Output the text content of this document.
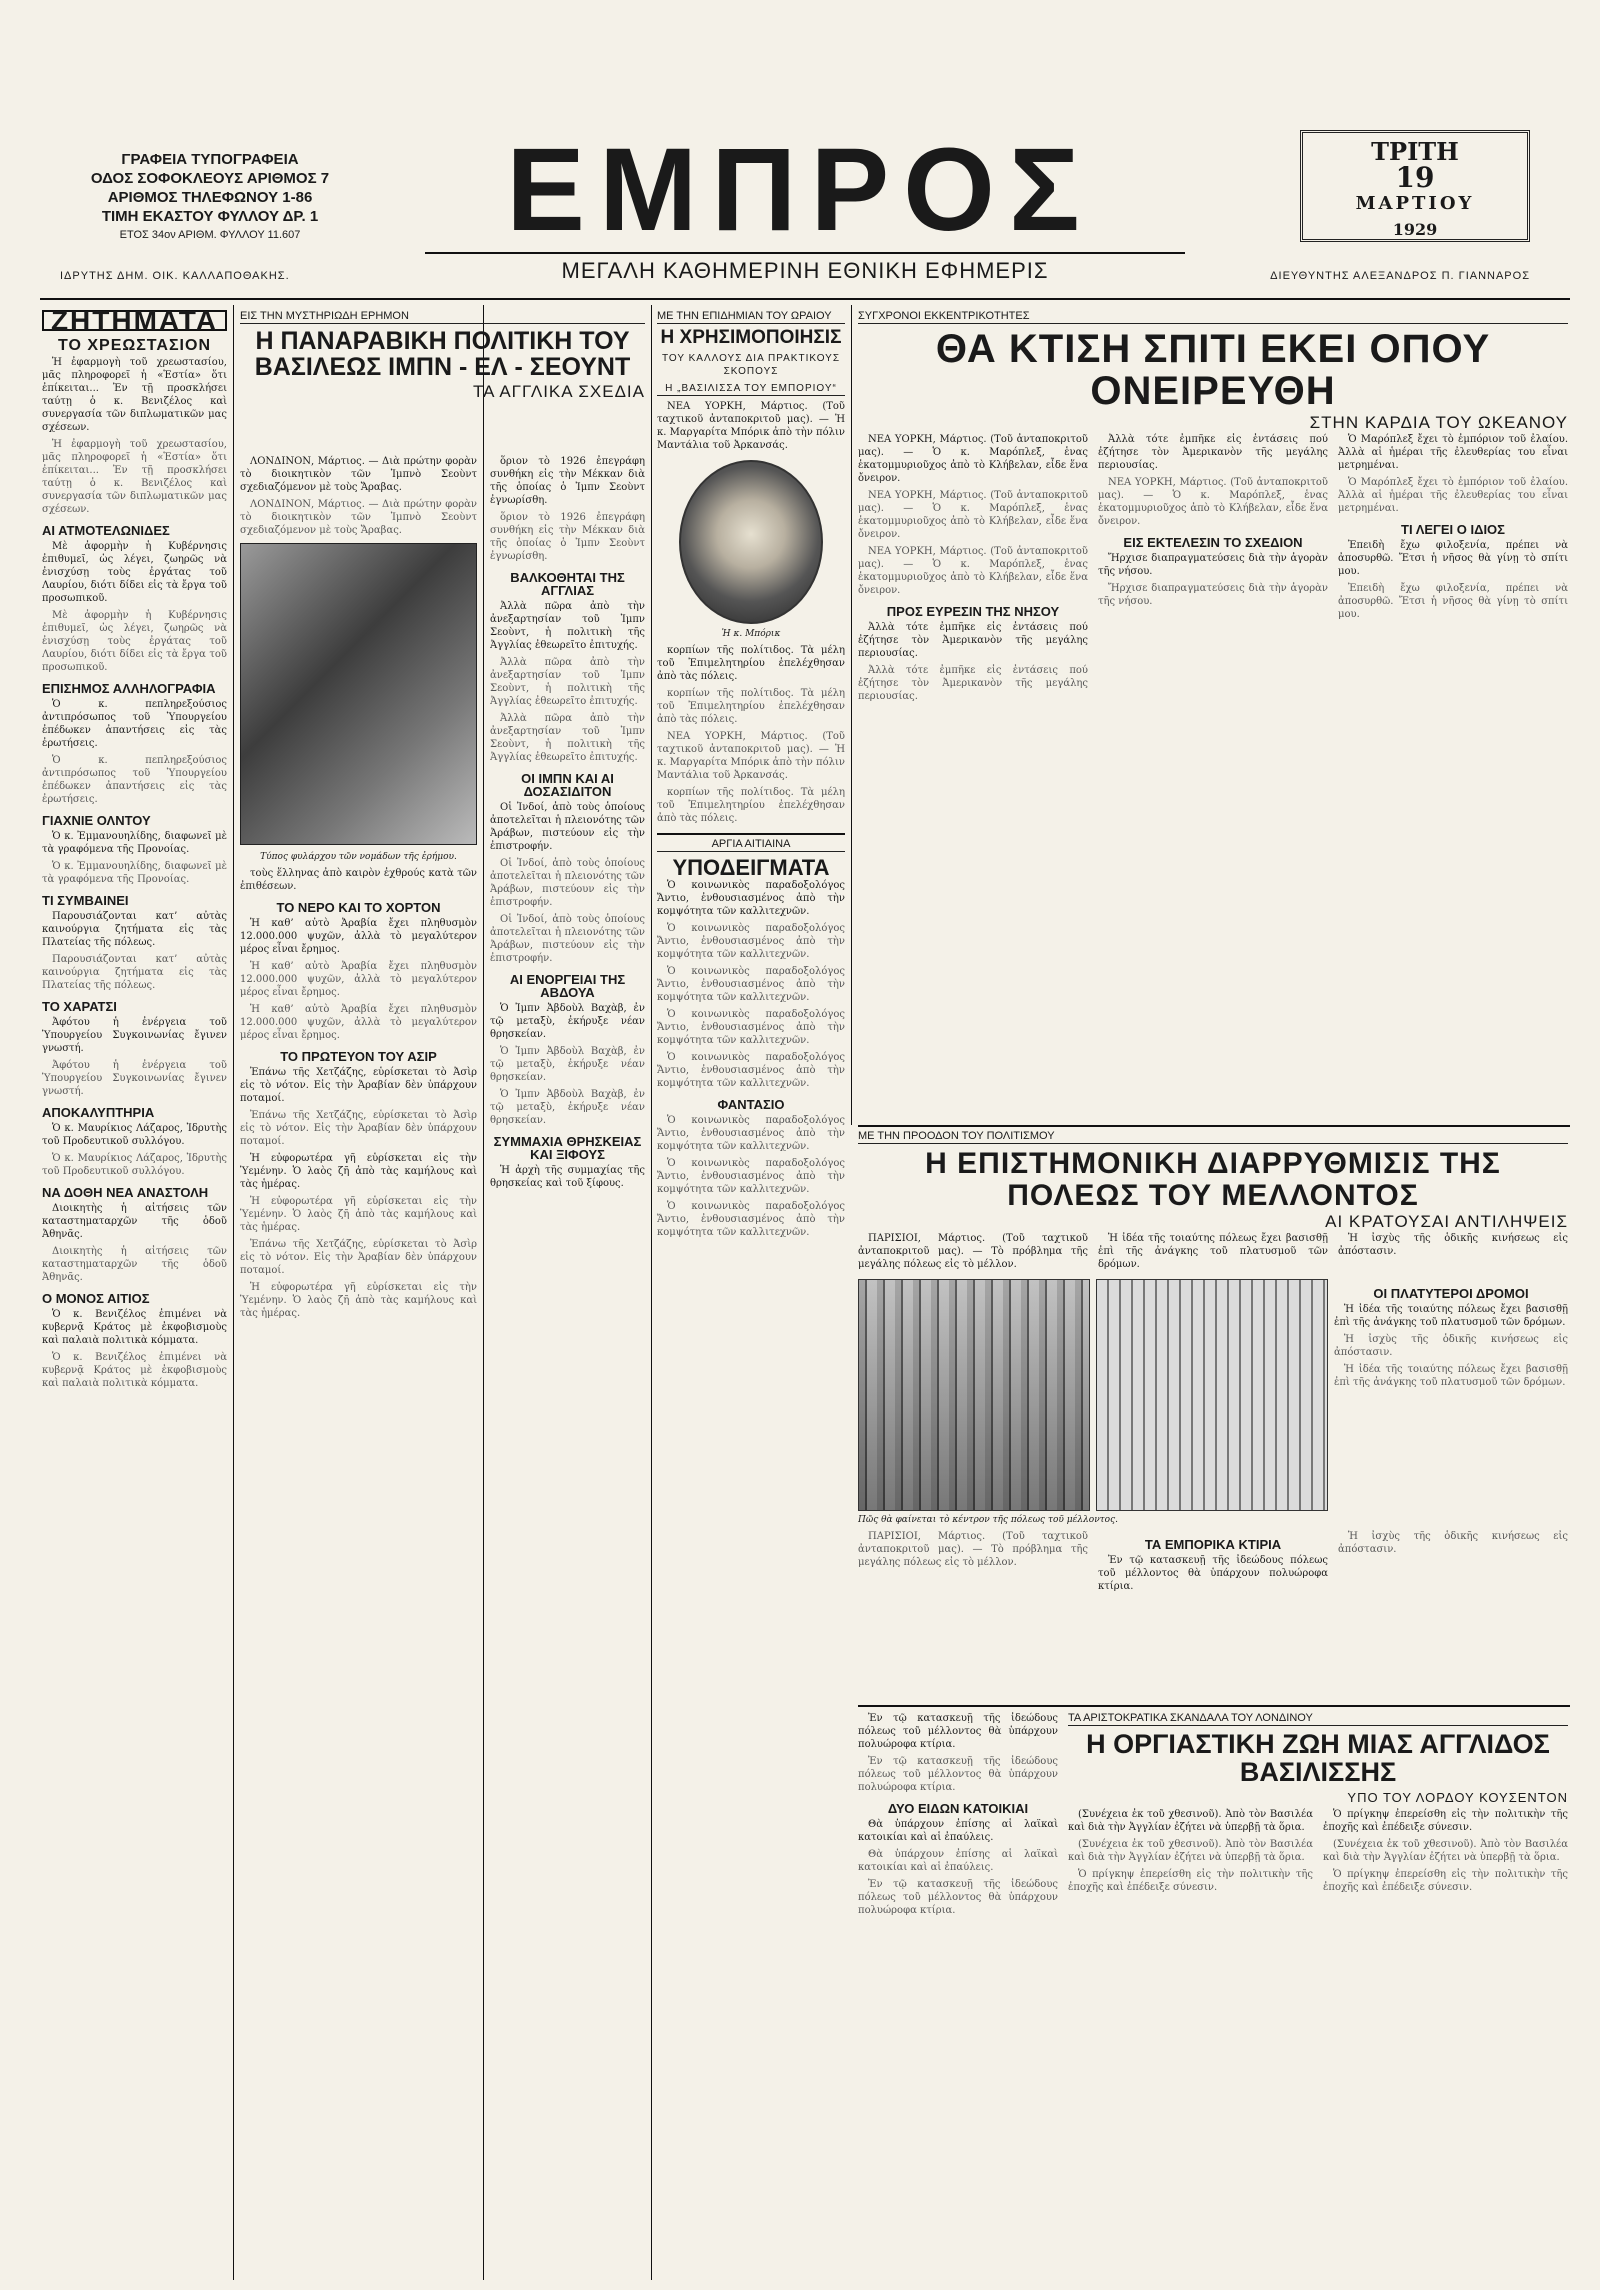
ΓΡΑΦΕΙΑ ΤΥΠΟΓΡΑΦΕΙΑ
ΟΔΟΣ ΣΟΦΟΚΛΕΟΥΣ ΑΡΙΘΜΟΣ 7
ΑΡΙΘΜΟΣ ΤΗΛΕΦΩΝΟΥ 1-86
ΤΙΜΗ ΕΚΑΣΤΟΥ ΦΥΛΛΟΥ ΔΡ. 1
ΕΤΟΣ 34ον ΑΡΙΘΜ. ΦΥΛΛΟΥ 11.607
ΙΔΡΥΤΗΣ ΔΗΜ. ΟΙΚ. ΚΑΛΛΑΠΟΘΑΚΗΣ.
ΕΜΠΡΟΣ
ΜΕΓΑΛΗ ΚΑΘΗΜΕΡΙΝΗ ΕΘΝΙΚΗ ΕΦΗΜΕΡΙΣ
ΤΡΙΤΗ
19
ΜΑΡΤΙΟΥ
1929
ΔΙΕΥΘΥΝΤΗΣ ΑΛΕΞΑΝΔΡΟΣ Π. ΓΙΑΝΝΑΡΟΣ
ΖΗΤΗΜΑΤΑ
ΤΟ ΧΡΕΩΣΤΑΣΙΟΝ

Ἡ ἐφαρμογὴ τοῦ χρεωστασίου, μᾶς πληροφορεῖ ἡ «Ἑστία» ὅτι ἐπίκειται... Ἐν τῇ προσκλήσει ταύτῃ ὁ κ. Βενιζέλος καὶ συνεργασία τῶν διπλωματικῶν μας σχέσεων.

Ἡ ἐφαρμογὴ τοῦ χρεωστασίου, μᾶς πληροφορεῖ ἡ «Ἑστία» ὅτι ἐπίκειται... Ἐν τῇ προσκλήσει ταύτῃ ὁ κ. Βενιζέλος καὶ συνεργασία τῶν διπλωματικῶν μας σχέσεων.

ΑΙ ΑΤΜΟΤΕΛΩΝΙΔΕΣ

Μὲ ἀφορμὴν ἡ Κυβέρνησις ἐπιθυμεῖ, ὡς λέγει, ζωηρῶς νὰ ἐνισχύσῃ τοὺς ἐργάτας τοῦ Λαυρίου, διότι δίδει εἰς τὰ ἔργα τοῦ προσωπικοῦ.

Μὲ ἀφορμὴν ἡ Κυβέρνησις ἐπιθυμεῖ, ὡς λέγει, ζωηρῶς νὰ ἐνισχύσῃ τοὺς ἐργάτας τοῦ Λαυρίου, διότι δίδει εἰς τὰ ἔργα τοῦ προσωπικοῦ.

ΕΠΙΣΗΜΟΣ ΑΛΛΗΛΟΓΡΑΦΙΑ

Ὁ κ. πεπληρεξούσιος ἀντιπρόσωπος τοῦ Ὑπουργείου ἐπέδωκεν ἀπαντήσεις εἰς τὰς ἐρωτήσεις.

Ὁ κ. πεπληρεξούσιος ἀντιπρόσωπος τοῦ Ὑπουργείου ἐπέδωκεν ἀπαντήσεις εἰς τὰς ἐρωτήσεις.

ΓΙΑΧΝΙΕ ΟΛΝΤΟΥ

Ὁ κ. Ἐμμανουηλίδης, διαφωνεῖ μὲ τὰ γραφόμενα τῆς Προνοίας.

Ὁ κ. Ἐμμανουηλίδης, διαφωνεῖ μὲ τὰ γραφόμενα τῆς Προνοίας.

ΤΙ ΣΥΜΒΑΙΝΕΙ

Παρουσιάζονται κατ’ αὐτὰς καινούργια ζητήματα εἰς τὰς Πλατείας τῆς πόλεως.

Παρουσιάζονται κατ’ αὐτὰς καινούργια ζητήματα εἰς τὰς Πλατείας τῆς πόλεως.

ΤΟ ΧΑΡΑΤΣΙ

Ἀφότου ἡ ἐνέργεια τοῦ Ὑπουργείου Συγκοινωνίας ἔγινεν γνωστή.

Ἀφότου ἡ ἐνέργεια τοῦ Ὑπουργείου Συγκοινωνίας ἔγινεν γνωστή.

ΑΠΟΚΑΛΥΠΤΗΡΙΑ

Ὁ κ. Μαυρίκιος Λάζαρος, Ἰδρυτὴς τοῦ Προδευτικοῦ συλλόγου.

Ὁ κ. Μαυρίκιος Λάζαρος, Ἰδρυτὴς τοῦ Προδευτικοῦ συλλόγου.

ΝΑ ΔΟΘΗ ΝΕΑ ΑΝΑΣΤΟΛΗ

Διοικητὴς ἡ αἰτήσεις τῶν καταστηματαρχῶν τῆς ὁδοῦ Ἀθηνᾶς.

Διοικητὴς ἡ αἰτήσεις τῶν καταστηματαρχῶν τῆς ὁδοῦ Ἀθηνᾶς.

Ο ΜΟΝΟΣ ΑΙΤΙΟΣ

Ὁ κ. Βενιζέλος ἐπιμένει νὰ κυβερνᾷ Κράτος μὲ ἐκφοβισμοὺς καὶ παλαιὰ πολιτικὰ κόμματα.

Ὁ κ. Βενιζέλος ἐπιμένει νὰ κυβερνᾷ Κράτος μὲ ἐκφοβισμοὺς καὶ παλαιὰ πολιτικὰ κόμματα.

ΕΙΣ ΤΗΝ ΜΥΣΤΗΡΙΩΔΗ ΕΡΗΜΟΝ
Η ΠΑΝΑΡΑΒΙΚΗ ΠΟΛΙΤΙΚΗ ΤΟΥ ΒΑΣΙΛΕΩΣ ΙΜΠΝ - ΕΛ - ΣΕΟΥΝΤ
ΤΑ ΑΓΓΛΙΚΑ ΣΧΕΔΙΑ

ΛΟΝΔΙΝΟΝ, Μάρτιος. — Διὰ πρώτην φορὰν τὸ διοικητικὸν τῶν Ἰμπνὸ Σεοὺντ σχεδιαζόμενον μὲ τοὺς Ἄραβας.

ΛΟΝΔΙΝΟΝ, Μάρτιος. — Διὰ πρώτην φορὰν τὸ διοικητικὸν τῶν Ἰμπνὸ Σεοὺντ σχεδιαζόμενον μὲ τοὺς Ἄραβας.

Τύπος φυλάρχου τῶν νομάδων τῆς ἐρήμου.

τοὺς ἕλληνας ἀπὸ καιρὸν ἐχθρούς κατὰ τῶν ἐπιθέσεων.

ΤΟ ΝΕΡΟ ΚΑΙ ΤΟ ΧΟΡΤΟΝ

Ἡ καθ’ αὐτὸ Ἀραβία ἔχει πληθυσμὸν 12.000.000 ψυχῶν, ἀλλὰ τὸ μεγαλύτερον μέρος εἶναι ἔρημος.

Ἡ καθ’ αὐτὸ Ἀραβία ἔχει πληθυσμὸν 12.000.000 ψυχῶν, ἀλλὰ τὸ μεγαλύτερον μέρος εἶναι ἔρημος.

Ἡ καθ’ αὐτὸ Ἀραβία ἔχει πληθυσμὸν 12.000.000 ψυχῶν, ἀλλὰ τὸ μεγαλύτερον μέρος εἶναι ἔρημος.

ΤΟ ΠΡΩΤΕΥΟΝ ΤΟΥ ΑΣΙΡ

Ἐπάνω τῆς Χετζάζης, εὑρίσκεται τὸ Ἀσὶρ εἰς τὸ νότον. Εἰς τὴν Ἀραβίαν δὲν ὑπάρχουν ποταμοί.

Ἐπάνω τῆς Χετζάζης, εὑρίσκεται τὸ Ἀσὶρ εἰς τὸ νότον. Εἰς τὴν Ἀραβίαν δὲν ὑπάρχουν ποταμοί.

Ἡ εὐφορωτέρα γῆ εὑρίσκεται εἰς τὴν Ὑεμένην. Ὁ λαὸς ζῆ ἀπὸ τὰς καμήλους καὶ τὰς ἡμέρας.

Ἡ εὐφορωτέρα γῆ εὑρίσκεται εἰς τὴν Ὑεμένην. Ὁ λαὸς ζῆ ἀπὸ τὰς καμήλους καὶ τὰς ἡμέρας.

Ἐπάνω τῆς Χετζάζης, εὑρίσκεται τὸ Ἀσὶρ εἰς τὸ νότον. Εἰς τὴν Ἀραβίαν δὲν ὑπάρχουν ποταμοί.

Ἡ εὐφορωτέρα γῆ εὑρίσκεται εἰς τὴν Ὑεμένην. Ὁ λαὸς ζῆ ἀπὸ τὰς καμήλους καὶ τὰς ἡμέρας.

ὅριον τὸ 1926 ἐπεγράφη συνθήκη εἰς τὴν Μέκκαν διὰ τῆς ὁποίας ὁ Ἰμπν Σεοὺντ ἐγνωρίσθη.

ὅριον τὸ 1926 ἐπεγράφη συνθήκη εἰς τὴν Μέκκαν διὰ τῆς ὁποίας ὁ Ἰμπν Σεοὺντ ἐγνωρίσθη.

ΒΑΛΚΟΘΗΤΑΙ ΤΗΣ ΑΓΓΛΙΑΣ

Ἀλλὰ πῶρα ἀπὸ τὴν ἀνεξαρτησίαν τοῦ Ἰμπν Σεοὺντ, ἡ πολιτικὴ τῆς Ἀγγλίας ἐθεωρεῖτο ἐπιτυχής.

Ἀλλὰ πῶρα ἀπὸ τὴν ἀνεξαρτησίαν τοῦ Ἰμπν Σεοὺντ, ἡ πολιτικὴ τῆς Ἀγγλίας ἐθεωρεῖτο ἐπιτυχής.

Ἀλλὰ πῶρα ἀπὸ τὴν ἀνεξαρτησίαν τοῦ Ἰμπν Σεοὺντ, ἡ πολιτικὴ τῆς Ἀγγλίας ἐθεωρεῖτο ἐπιτυχής.

ΟΙ ΙΜΠΝ ΚΑΙ ΑΙ ΔΟΣΑΣΙΔΙΤΟΝ

Οἱ Ἰνδοί, ἀπὸ τοὺς ὁποίους ἀποτελεῖται ἡ πλειονότης τῶν Ἀράβων, πιστεύουν εἰς τὴν ἐπιστροφήν.

Οἱ Ἰνδοί, ἀπὸ τοὺς ὁποίους ἀποτελεῖται ἡ πλειονότης τῶν Ἀράβων, πιστεύουν εἰς τὴν ἐπιστροφήν.

Οἱ Ἰνδοί, ἀπὸ τοὺς ὁποίους ἀποτελεῖται ἡ πλειονότης τῶν Ἀράβων, πιστεύουν εἰς τὴν ἐπιστροφήν.

ΑΙ ΕΝΟΡΓΕΙΑΙ ΤΗΣ ΑΒΔΟΥΑ

Ὁ Ἰμπν Ἀβδοὺλ Βαχὰβ, ἐν τῷ μεταξὺ, ἐκήρυξε νέαν θρησκείαν.

Ὁ Ἰμπν Ἀβδοὺλ Βαχὰβ, ἐν τῷ μεταξὺ, ἐκήρυξε νέαν θρησκείαν.

Ὁ Ἰμπν Ἀβδοὺλ Βαχὰβ, ἐν τῷ μεταξὺ, ἐκήρυξε νέαν θρησκείαν.

ΣΥΜΜΑΧΙΑ ΘΡΗΣΚΕΙΑΣ ΚΑΙ ΞΙΦΟΥΣ

Ἡ ἀρχὴ τῆς συμμαχίας τῆς θρησκείας καὶ τοῦ ξίφους.

ΜΕ ΤΗΝ ΕΠΙΔΗΜΙΑΝ ΤΟΥ ΩΡΑΙΟΥ
Η ΧΡΗΣΙΜΟΠΟΙΗΣΙΣ
ΤΟΥ ΚΑΛΛΟΥΣ ΔΙΑ ΠΡΑΚΤΙΚΟΥΣ ΣΚΟΠΟΥΣ
Η „ΒΑΣΙΛΙΣΣΑ ΤΟΥ ΕΜΠΟΡΙΟΥ“

ΝΕΑ ΥΟΡΚΗ, Μάρτιος. (Τοῦ ταχτικοῦ ἀνταποκριτοῦ μας). — Ἡ κ. Μαργαρίτα Μπόρικ ἀπὸ τὴν πόλιν Μαντάλια τοῦ Ἀρκανσάς.

Ἡ κ. Μπόρικ

κορπίων τῆς πολίτιδος. Τὰ μέλη τοῦ Ἐπιμελητηρίου ἐπελέχθησαν ἀπὸ τὰς πόλεις.

κορπίων τῆς πολίτιδος. Τὰ μέλη τοῦ Ἐπιμελητηρίου ἐπελέχθησαν ἀπὸ τὰς πόλεις.

ΝΕΑ ΥΟΡΚΗ, Μάρτιος. (Τοῦ ταχτικοῦ ἀνταποκριτοῦ μας). — Ἡ κ. Μαργαρίτα Μπόρικ ἀπὸ τὴν πόλιν Μαντάλια τοῦ Ἀρκανσάς.

κορπίων τῆς πολίτιδος. Τὰ μέλη τοῦ Ἐπιμελητηρίου ἐπελέχθησαν ἀπὸ τὰς πόλεις.

ΑΡΓΙΑ ΑΙΤΙΑΙΝΑ
ΥΠΟΔΕΙΓΜΑΤΑ

Ὁ κοινωνικὸς παραδοξολόγος Ἄντιο, ἐνθουσιασμένος ἀπὸ τὴν κομψότητα τῶν καλλιτεχνῶν.

Ὁ κοινωνικὸς παραδοξολόγος Ἄντιο, ἐνθουσιασμένος ἀπὸ τὴν κομψότητα τῶν καλλιτεχνῶν.

Ὁ κοινωνικὸς παραδοξολόγος Ἄντιο, ἐνθουσιασμένος ἀπὸ τὴν κομψότητα τῶν καλλιτεχνῶν.

Ὁ κοινωνικὸς παραδοξολόγος Ἄντιο, ἐνθουσιασμένος ἀπὸ τὴν κομψότητα τῶν καλλιτεχνῶν.

Ὁ κοινωνικὸς παραδοξολόγος Ἄντιο, ἐνθουσιασμένος ἀπὸ τὴν κομψότητα τῶν καλλιτεχνῶν.

ΦΑΝΤΑΣΙΟ

Ὁ κοινωνικὸς παραδοξολόγος Ἄντιο, ἐνθουσιασμένος ἀπὸ τὴν κομψότητα τῶν καλλιτεχνῶν.

Ὁ κοινωνικὸς παραδοξολόγος Ἄντιο, ἐνθουσιασμένος ἀπὸ τὴν κομψότητα τῶν καλλιτεχνῶν.

Ὁ κοινωνικὸς παραδοξολόγος Ἄντιο, ἐνθουσιασμένος ἀπὸ τὴν κομψότητα τῶν καλλιτεχνῶν.

ΣΥΓΧΡΟΝΟΙ ΕΚΚΕΝΤΡΙΚΟΤΗΤΕΣ
ΘΑ ΚΤΙΣΗ ΣΠΙΤΙ ΕΚΕΙ ΟΠΟΥ ΟΝΕΙΡΕΥΘΗ
ΣΤΗΝ ΚΑΡΔΙΑ ΤΟΥ ΩΚΕΑΝΟΥ

ΝΕΑ ΥΟΡΚΗ, Μάρτιος. (Τοῦ ἀνταποκριτοῦ μας). — Ὁ κ. Μαρόπλεξ, ἑνας ἑκατομμυριοῦχος ἀπὸ τὸ Κλήβελαν, εἶδε ἕνα ὄνειρον.

ΝΕΑ ΥΟΡΚΗ, Μάρτιος. (Τοῦ ἀνταποκριτοῦ μας). — Ὁ κ. Μαρόπλεξ, ἑνας ἑκατομμυριοῦχος ἀπὸ τὸ Κλήβελαν, εἶδε ἕνα ὄνειρον.

ΝΕΑ ΥΟΡΚΗ, Μάρτιος. (Τοῦ ἀνταποκριτοῦ μας). — Ὁ κ. Μαρόπλεξ, ἑνας ἑκατομμυριοῦχος ἀπὸ τὸ Κλήβελαν, εἶδε ἕνα ὄνειρον.

ΠΡΟΣ ΕΥΡΕΣΙΝ ΤΗΣ ΝΗΣΟΥ

Ἀλλὰ τότε ἐμπῆκε εἰς ἐντάσεις πού ἐζήτησε τὸν Ἀμερικανὸν τῆς μεγάλης περιουσίας.

Ἀλλὰ τότε ἐμπῆκε εἰς ἐντάσεις πού ἐζήτησε τὸν Ἀμερικανὸν τῆς μεγάλης περιουσίας.

Ἀλλὰ τότε ἐμπῆκε εἰς ἐντάσεις πού ἐζήτησε τὸν Ἀμερικανὸν τῆς μεγάλης περιουσίας.

ΝΕΑ ΥΟΡΚΗ, Μάρτιος. (Τοῦ ἀνταποκριτοῦ μας). — Ὁ κ. Μαρόπλεξ, ἑνας ἑκατομμυριοῦχος ἀπὸ τὸ Κλήβελαν, εἶδε ἕνα ὄνειρον.

ΕΙΣ ΕΚΤΕΛΕΣΙΝ ΤΟ ΣΧΕΔΙΟΝ

Ἤρχισε διαπραγματεύσεις διὰ τὴν ἀγορὰν τῆς νήσου.

Ἤρχισε διαπραγματεύσεις διὰ τὴν ἀγορὰν τῆς νήσου.

Ὁ Μαρόπλεξ ἔχει τὸ ἐμπόριον τοῦ ἐλαίου. Ἀλλὰ αἱ ἡμέραι τῆς ἐλευθερίας του εἶναι μετρημέναι.

Ὁ Μαρόπλεξ ἔχει τὸ ἐμπόριον τοῦ ἐλαίου. Ἀλλὰ αἱ ἡμέραι τῆς ἐλευθερίας του εἶναι μετρημέναι.

ΤΙ ΛΕΓΕΙ Ο ΙΔΙΟΣ

Ἐπειδὴ ἔχω φιλοξενία, πρέπει νὰ ἀποσυρθῶ. Ἔτσι ἡ νῆσος θὰ γίνῃ τὸ σπίτι μου.

Ἐπειδὴ ἔχω φιλοξενία, πρέπει νὰ ἀποσυρθῶ. Ἔτσι ἡ νῆσος θὰ γίνῃ τὸ σπίτι μου.

ΜΕ ΤΗΝ ΠΡΟΟΔΟΝ ΤΟΥ ΠΟΛΙΤΙΣΜΟΥ
Η ΕΠΙΣΤΗΜΟΝΙΚΗ ΔΙΑΡΡΥΘΜΙΣΙΣ ΤΗΣ ΠΟΛΕΩΣ ΤΟΥ ΜΕΛΛΟΝΤΟΣ
ΑΙ ΚΡΑΤΟΥΣΑΙ ΑΝΤΙΛΗΨΕΙΣ

ΠΑΡΙΣΙΟΙ, Μάρτιος. (Τοῦ ταχτικοῦ ἀνταποκριτοῦ μας). — Τὸ πρόβλημα τῆς μεγάλης πόλεως εἰς τὸ μέλλον.

Ἡ ἰδέα τῆς τοιαύτης πόλεως ἔχει βασισθῇ ἐπὶ τῆς ἀνάγκης τοῦ πλατυσμοῦ τῶν δρόμων.

Ἡ ἰσχὺς τῆς ὁδικῆς κινήσεως εἰς ἀπόστασιν.

ΟΙ ΠΛΑΤΥΤΕΡΟΙ ΔΡΟΜΟΙ

Ἡ ἰδέα τῆς τοιαύτης πόλεως ἔχει βασισθῇ ἐπὶ τῆς ἀνάγκης τοῦ πλατυσμοῦ τῶν δρόμων.

Ἡ ἰσχὺς τῆς ὁδικῆς κινήσεως εἰς ἀπόστασιν.

Ἡ ἰδέα τῆς τοιαύτης πόλεως ἔχει βασισθῇ ἐπὶ τῆς ἀνάγκης τοῦ πλατυσμοῦ τῶν δρόμων.

Πῶς θὰ φαίνεται τὸ κέντρον τῆς πόλεως τοῦ μέλλοντος.

ΠΑΡΙΣΙΟΙ, Μάρτιος. (Τοῦ ταχτικοῦ ἀνταποκριτοῦ μας). — Τὸ πρόβλημα τῆς μεγάλης πόλεως εἰς τὸ μέλλον.

ΤΑ ΕΜΠΟΡΙΚΑ ΚΤΙΡΙΑ

Ἐν τῷ κατασκευῇ τῆς ἰδεώδους πόλεως τοῦ μέλλοντος θὰ ὑπάρχουν πολυώροφα κτίρια.

Ἡ ἰσχὺς τῆς ὁδικῆς κινήσεως εἰς ἀπόστασιν.

Ἐν τῷ κατασκευῇ τῆς ἰδεώδους πόλεως τοῦ μέλλοντος θὰ ὑπάρχουν πολυώροφα κτίρια.

Ἐν τῷ κατασκευῇ τῆς ἰδεώδους πόλεως τοῦ μέλλοντος θὰ ὑπάρχουν πολυώροφα κτίρια.

ΔΥΟ ΕΙΔΩΝ ΚΑΤΟΙΚΙΑΙ

Θὰ ὑπάρχουν ἐπίσης αἱ λαϊκαὶ κατοικίαι καὶ αἱ ἐπαύλεις.

Θὰ ὑπάρχουν ἐπίσης αἱ λαϊκαὶ κατοικίαι καὶ αἱ ἐπαύλεις.

Ἐν τῷ κατασκευῇ τῆς ἰδεώδους πόλεως τοῦ μέλλοντος θὰ ὑπάρχουν πολυώροφα κτίρια.

ΤΑ ΑΡΙΣΤΟΚΡΑΤΙΚΑ ΣΚΑΝΔΑΛΑ ΤΟΥ ΛΟΝΔΙΝΟΥ
Η ΟΡΓΙΑΣΤΙΚΗ ΖΩΗ ΜΙΑΣ ΑΓΓΛΙΔΟΣ ΒΑΣΙΛΙΣΣΗΣ
ΥΠΟ ΤΟΥ ΛΟΡΔΟΥ ΚΟΥΣΕΝΤΟΝ

(Συνέχεια ἐκ τοῦ χθεσινοῦ). Ἀπὸ τὸν Βασιλέα καὶ διὰ τὴν Ἀγγλίαν ἐζήτει νὰ ὑπερβῇ τὰ ὅρια.

(Συνέχεια ἐκ τοῦ χθεσινοῦ). Ἀπὸ τὸν Βασιλέα καὶ διὰ τὴν Ἀγγλίαν ἐζήτει νὰ ὑπερβῇ τὰ ὅρια.

Ὁ πρίγκηψ ἐπερείσθη εἰς τὴν πολιτικὴν τῆς ἐποχῆς καὶ ἐπέδειξε σύνεσιν.

Ὁ πρίγκηψ ἐπερείσθη εἰς τὴν πολιτικὴν τῆς ἐποχῆς καὶ ἐπέδειξε σύνεσιν.

(Συνέχεια ἐκ τοῦ χθεσινοῦ). Ἀπὸ τὸν Βασιλέα καὶ διὰ τὴν Ἀγγλίαν ἐζήτει νὰ ὑπερβῇ τὰ ὅρια.

Ὁ πρίγκηψ ἐπερείσθη εἰς τὴν πολιτικὴν τῆς ἐποχῆς καὶ ἐπέδειξε σύνεσιν.
